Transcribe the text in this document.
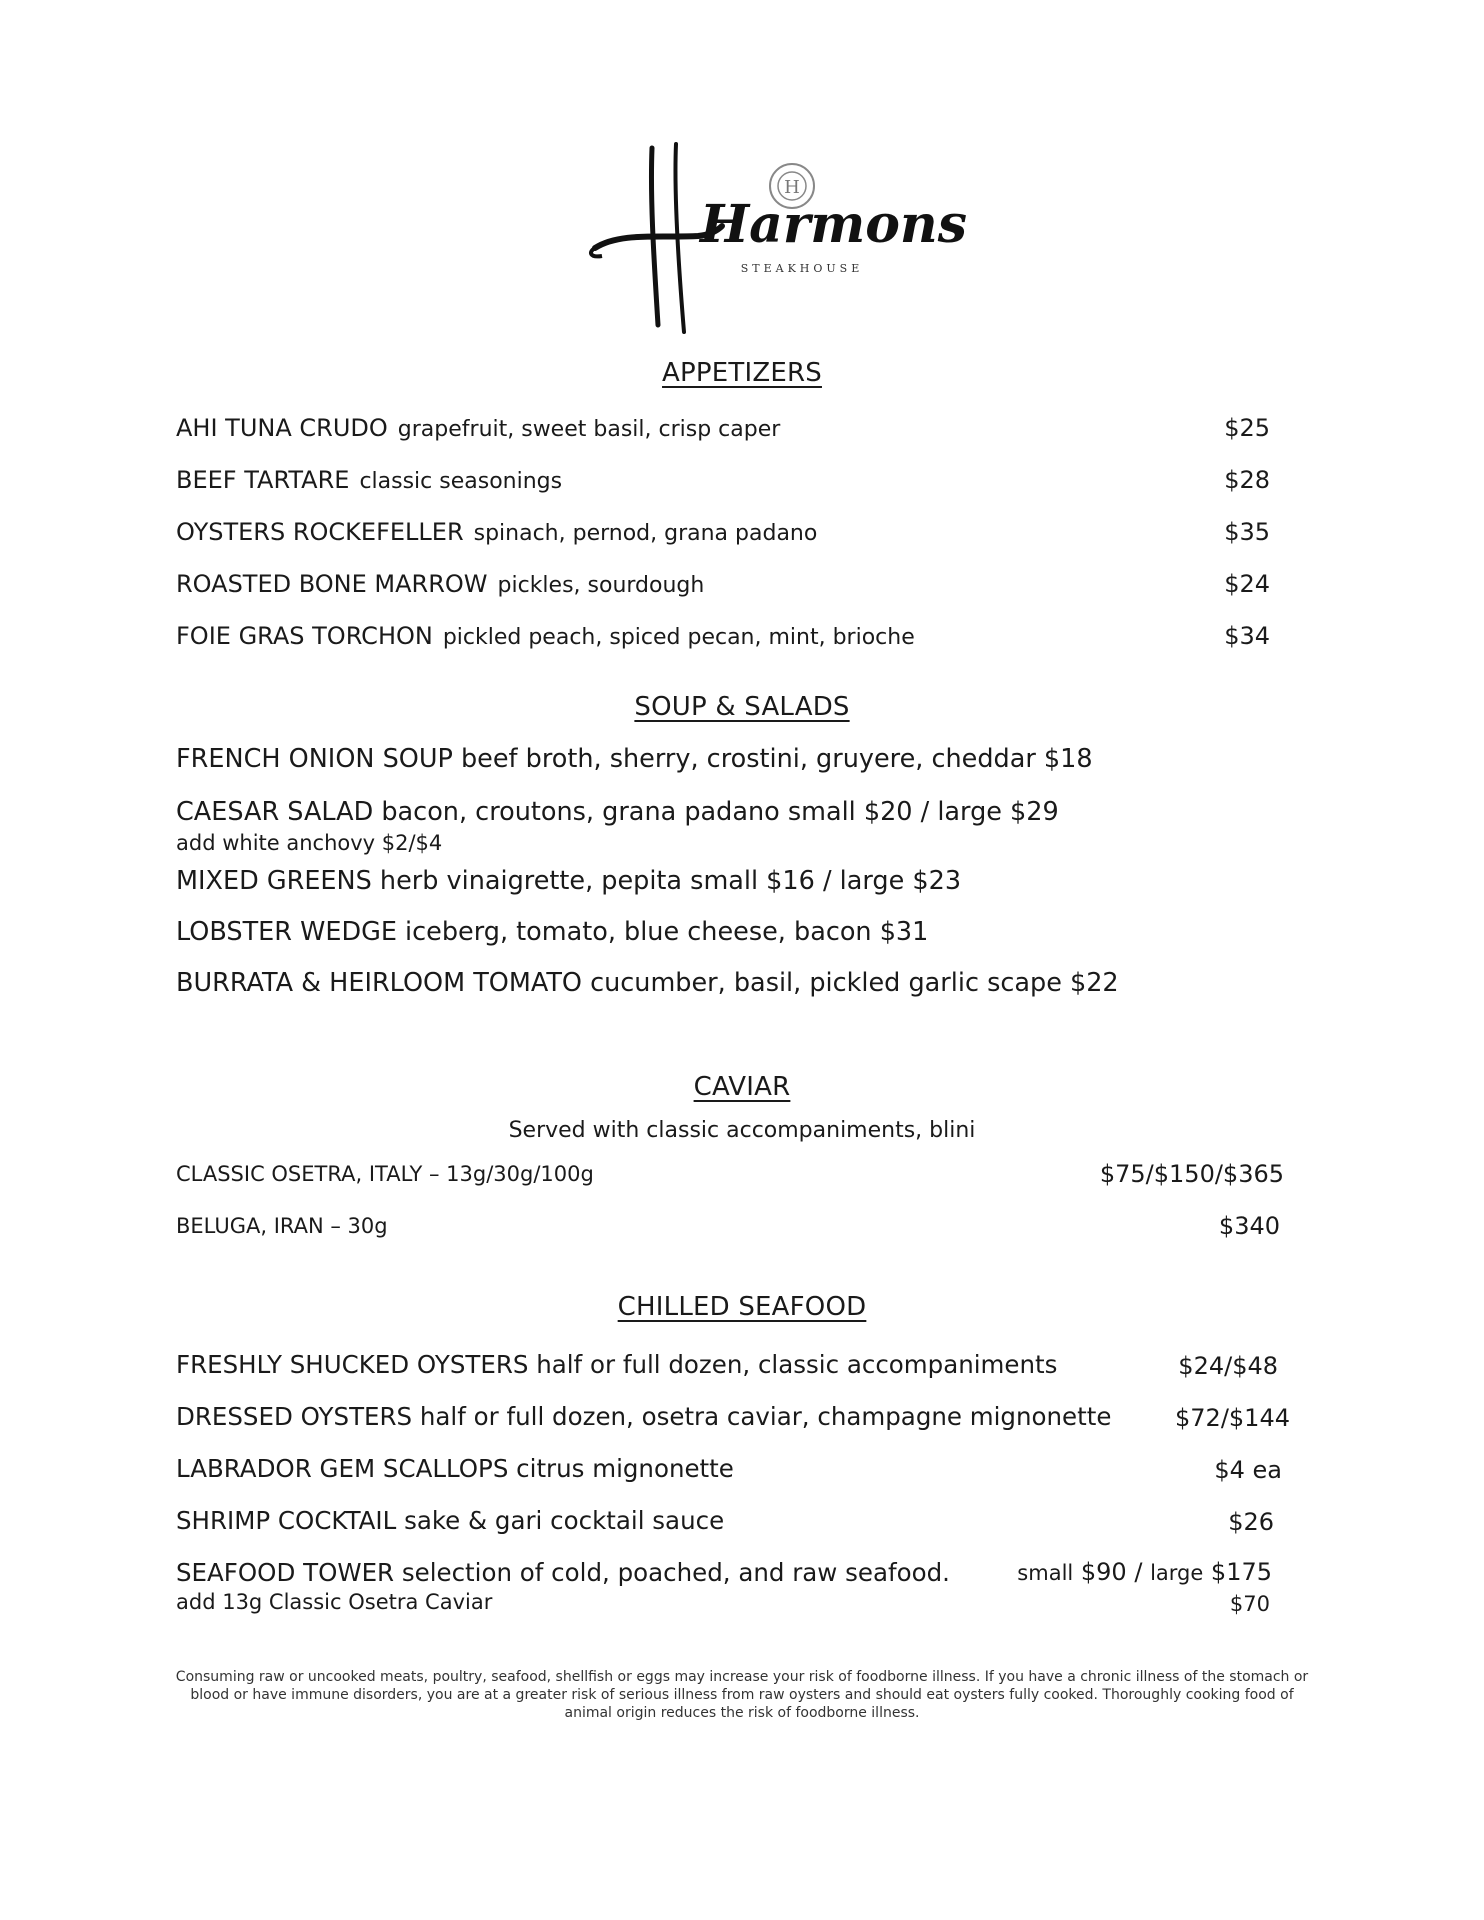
H
Harmons
STEAKHOUSE
APPETIZERS
AHI TUNA CRUDO grapefruit, sweet basil, crisp caper	$25
BEEF TARTARE classic seasonings	$28
OYSTERS ROCKEFELLER spinach, pernod, grana padano	$35
ROASTED BONE MARROW pickles, sourdough	$24
FOIE GRAS TORCHON pickled peach, spiced pecan, mint, brioche	$34
SOUP & SALADS
FRENCH ONION SOUP beef broth, sherry, crostini, gruyere, cheddar $18
CAESAR SALAD bacon, croutons, grana padano small $20 / large $29
add white anchovy $2/$4
MIXED GREENS herb vinaigrette, pepita small $16 / large $23
LOBSTER WEDGE iceberg, tomato, blue cheese, bacon $31
BURRATA & HEIRLOOM TOMATO cucumber, basil, pickled garlic scape $22
CAVIAR
Served with classic accompaniments, blini
CLASSIC OSETRA, ITALY – 13g/30g/100g	$75/$150/$365
BELUGA, IRAN – 30g	$340
CHILLED SEAFOOD
FRESHLY SHUCKED OYSTERS half or full dozen, classic accompaniments	$24/$48
DRESSED OYSTERS half or full dozen, osetra caviar, champagne mignonette	$72/$144
LABRADOR GEM SCALLOPS citrus mignonette	$4 ea
SHRIMP COCKTAIL sake & gari cocktail sauce	$26
SEAFOOD TOWER selection of cold, poached, and raw seafood.	small $90 / large $175
add 13g Classic Osetra Caviar	$70
Consuming raw or uncooked meats, poultry, seafood, shellfish or eggs may increase your risk of foodborne illness. If you have a chronic illness of the stomach or blood or have immune disorders, you are at a greater risk of serious illness from raw oysters and should eat oysters fully cooked. Thoroughly cooking food of animal origin reduces the risk of foodborne illness.
